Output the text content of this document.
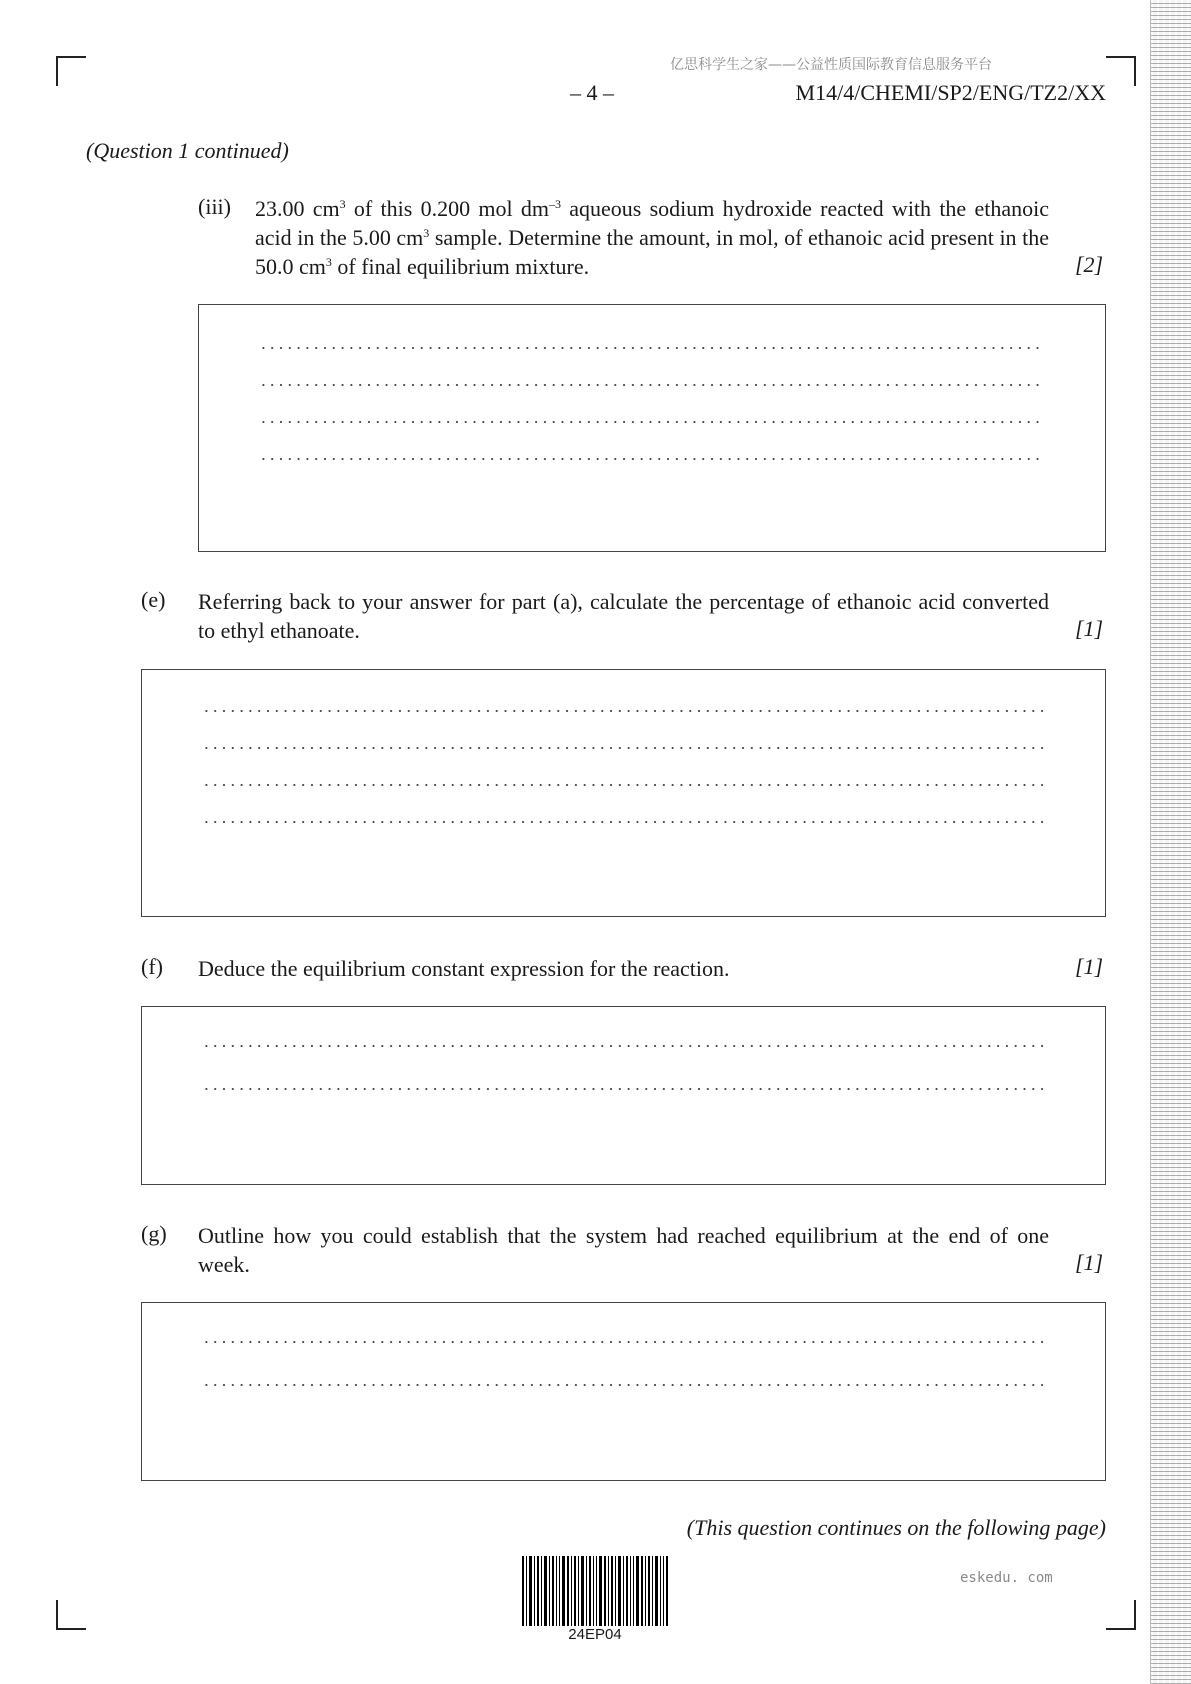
亿思科学生之家——公益性质国际教育信息服务平台
– 4 –	M14/4/CHEMI/SP2/ENG/TZ2/XX
(Question 1 continued)
(iii) 23.00 $cm^3$ of this 0.200 mol $dm^{-3}$ aqueous sodium hydroxide reacted with the ethanoic acid in the 5.00 $cm^3$ sample. Determine the amount, in mol, of ethanoic acid present in the 50.0 $cm^3$ of final equilibrium mixture.	[2]
(e) Referring back to your answer for part (a), calculate the percentage of ethanoic acid converted to ethyl ethanoate.	[1]
(f) Deduce the equilibrium constant expression for the reaction.	[1]
(g) Outline how you could establish that the system had reached equilibrium at the end of one week.	[1]
(This question continues on the following page)
eskedu. com
24EP04
